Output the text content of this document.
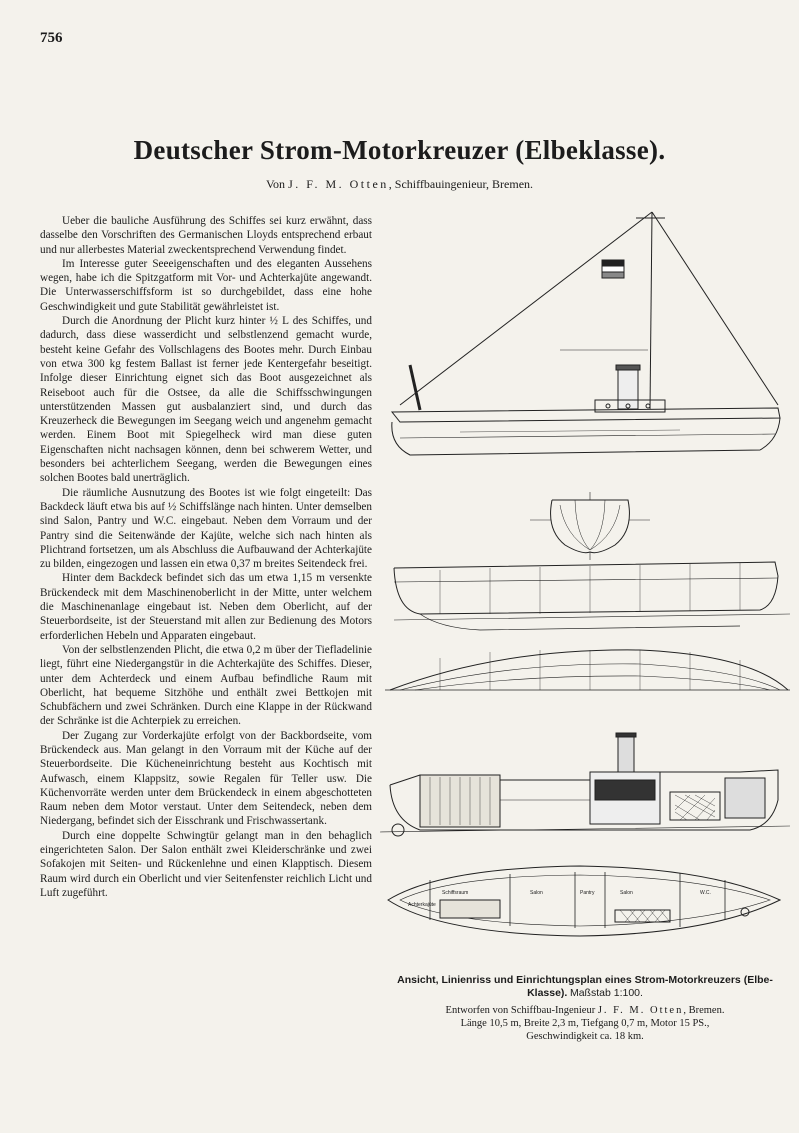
756
Deutscher Strom-Motorkreuzer (Elbeklasse).
Von J. F. M. Otten, Schiffbauingenieur, Bremen.

Ueber die bauliche Ausführung des Schiffes sei kurz erwähnt, dass dasselbe den Vorschriften des Germanischen Lloyds entsprechend erbaut und nur allerbestes Material zweckentsprechend Verwendung findet.

Im Interesse guter Seeeigenschaften und des eleganten Aussehens wegen, habe ich die Spitzgatform mit Vor- und Achterkajüte angewandt. Die Unterwasserschiffsform ist so durchgebildet, dass eine hohe Geschwindigkeit und gute Stabilität gewährleistet ist.

Durch die Anordnung der Plicht kurz hinter ½ L des Schiffes, und dadurch, dass diese wasserdicht und selbstlenzend gemacht wurde, besteht keine Gefahr des Vollschlagens des Bootes mehr. Durch Einbau von etwa 300 kg festem Ballast ist ferner jede Kentergefahr beseitigt. Infolge dieser Einrichtung eignet sich das Boot ausgezeichnet als Reiseboot auch für die Ostsee, da alle die Schiffsschwingungen unterstützenden Massen gut ausbalanziert sind, und durch das Kreuzerheck die Bewegungen im Seegang weich und angenehm gemacht werden. Einem Boot mit Spiegelheck wird man diese guten Eigenschaften nicht nachsagen können, denn bei schwerem Wetter, und besonders bei achterlichem Seegang, werden die Bewegungen eines solchen Bootes bald unerträglich.

Die räumliche Ausnutzung des Bootes ist wie folgt eingeteilt: Das Backdeck läuft etwa bis auf ½ Schiffslänge nach hinten. Unter demselben sind Salon, Pantry und W.C. eingebaut. Neben dem Vorraum und der Pantry sind die Seitenwände der Kajüte, welche sich nach hinten als Plichtrand fortsetzen, um als Abschluss die Aufbauwand der Achterkajüte zu bilden, eingezogen und lassen ein etwa 0,37 m breites Seitendeck frei.

Hinter dem Backdeck befindet sich das um etwa 1,15 m versenkte Brückendeck mit dem Maschinenoberlicht in der Mitte, unter welchem die Maschinenanlage eingebaut ist. Neben dem Oberlicht, auf der Steuerbordseite, ist der Steuerstand mit allen zur Bedienung des Motors erforderlichen Hebeln und Apparaten eingebaut.

Von der selbstlenzenden Plicht, die etwa 0,2 m über der Tiefladelinie liegt, führt eine Niedergangstür in die Achterkajüte des Schiffes. Dieser, unter dem Achterdeck und einem Aufbau befindliche Raum mit Oberlicht, hat bequeme Sitzhöhe und enthält zwei Bettkojen mit Schubfächern und zwei Schränken. Durch eine Klappe in der Rückwand der Schränke ist die Achterpiek zu erreichen.

Der Zugang zur Vorderkajüte erfolgt von der Backbordseite, vom Brückendeck aus. Man gelangt in den Vorraum mit der Küche auf der Steuerbordseite. Die Kücheneinrichtung besteht aus Kochtisch mit Aufwasch, einem Klappsitz, sowie Regalen für Teller usw. Die Küchenvorräte werden unter dem Brückendeck in einem abgeschotteten Raum neben dem Motor verstaut. Unter dem Seitendeck, neben dem Niedergang, befindet sich der Eisschrank und Frischwassertank.

Durch eine doppelte Schwingtür gelangt man in den behaglich eingerichteten Salon. Der Salon enthält zwei Kleiderschränke und zwei Sofakojen mit Seiten- und Rückenlehne und einen Klapptisch. Diesem Raum wird durch ein Oberlicht und vier Seitenfenster reichlich Licht und Luft zugeführt.

Achterkajüte
Schiffsraum	Salon	Pantry	Salon	W.C.
Ansicht, Linienriss und Einrichtungsplan eines Strom-Motorkreuzers (Elbe-Klasse). Maßstab 1:100.
Entworfen von Schiffbau-Ingenieur J. F. M. Otten, Bremen.
Länge 10,5 m, Breite 2,3 m, Tiefgang 0,7 m, Motor 15 PS.,
Geschwindigkeit ca. 18 km.
